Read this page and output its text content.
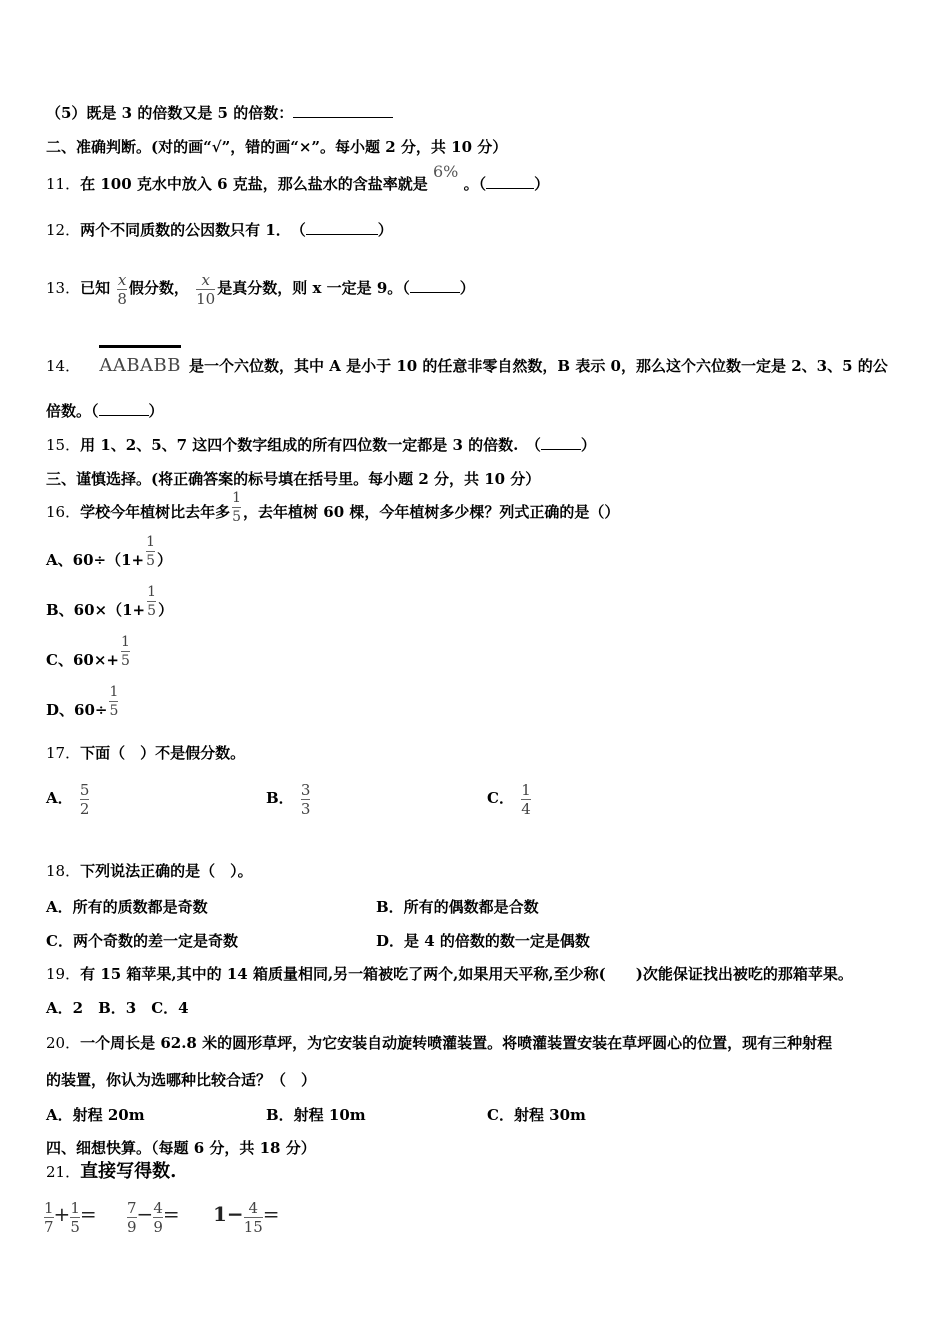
（5）既是 3 的倍数又是 5 的倍数：
二、准确判断。(对的画“√”，错的画“×”。每小题 2 分，共 10 分）
11．在 100 克水中放入 6 克盐，那么盐水的含盐率就是 6% 。（	）
12．两个不同质数的公因数只有 1．　（	）
13．已知 $\frac{x}{8}$ 假分数， $\frac{x}{10}$ 是真分数，则 x 一定是 9。（	）
14． AABABB 是一个六位数，其中 A 是小于 10 的任意非零自然数，B 表示 0，那么这个六位数一定是 2、3、5 的公
倍数。（	）
15．用 1、2、5、7 这四个数字组成的所有四位数一定都是 3 的倍数.　（	）
三、谨慎选择。(将正确答案的标号填在括号里。每小题 2 分，共 10 分）
16．学校今年植树比去年多 $\frac{1}{5}$ ，去年植树 60 棵，今年植树多少棵？列式正确的是（）
A、$60\div(1+ \frac{1}{5}$ ）
B、$60\times(1+ \frac{1}{5}$ ）
C、$60\times+ \frac{1}{5}$
D、$60\div \frac{1}{5}$
17．下面（　）不是假分数。
A． $\frac{5}{2}$	B． $\frac{3}{3}$	C． $\frac{1}{4}$
18．下列说法正确的是（　）。
A．所有的质数都是奇数	B．所有的偶数都是合数
C．两个奇数的差一定是奇数	D．是 4 的倍数的数一定是偶数
19．有 15 箱苹果,其中的 14 箱质量相同,另一箱被吃了两个,如果用天平称,至少称(　　)次能保证找出被吃的那箱苹果。
A．2　B．3　C．4
20．一个周长是 62.8 米的圆形草坪，为它安装自动旋转喷灌装置。将喷灌装置安装在草坪圆心的位置，现有三种射程
的装置，你认为选哪种比较合适？（　）
A．射程 20m	B．射程 10m	C．射程 30m
四、细想快算。（每题 6 分，共 18 分）
21．直接写得数.
$\frac{1}{7} + \frac{1}{5} = \frac{7}{9} - \frac{4}{9} = 1- \frac{4}{15}$ =
